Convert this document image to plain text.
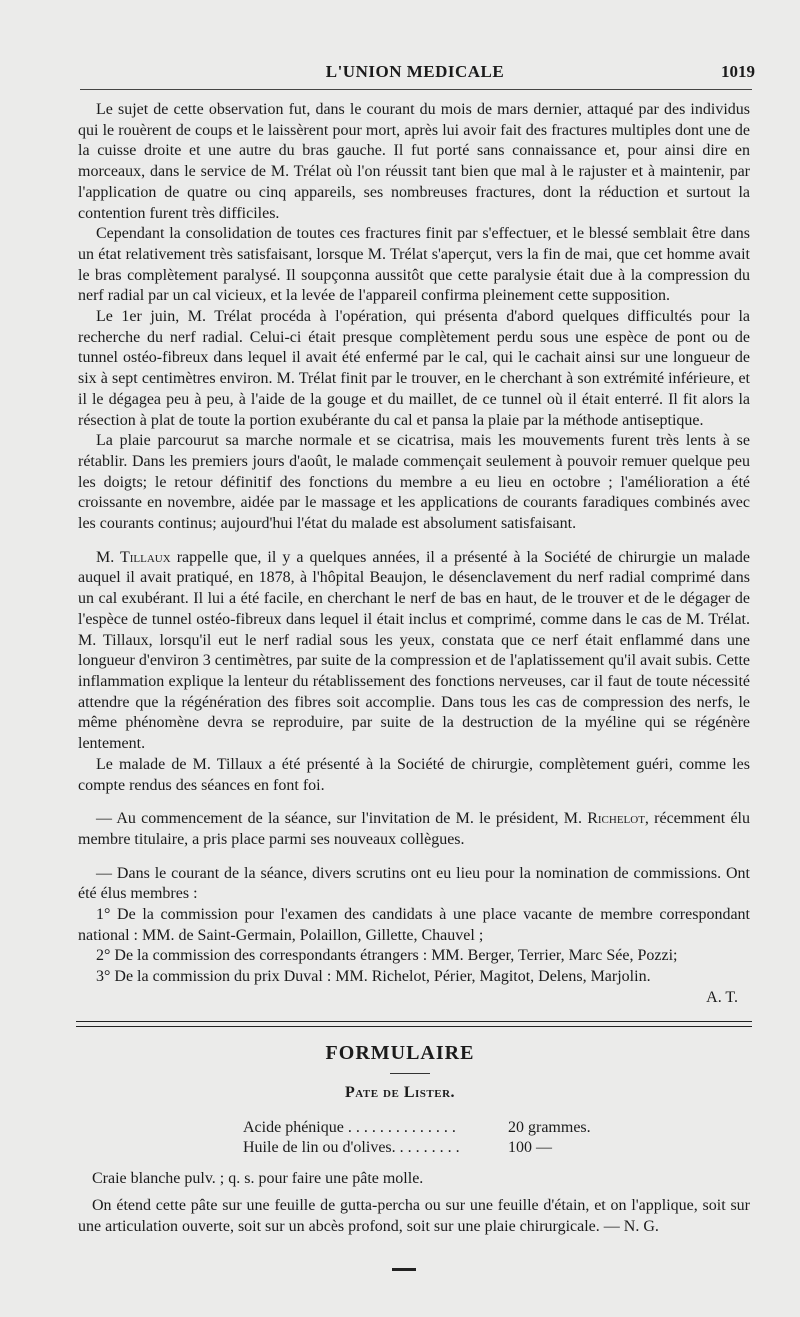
L'UNION MEDICALE	1019

Le sujet de cette observation fut, dans le courant du mois de mars dernier, attaqué par des individus qui le rouèrent de coups et le laissèrent pour mort, après lui avoir fait des fractures multiples dont une de la cuisse droite et une autre du bras gauche. Il fut porté sans connaissance et, pour ainsi dire en morceaux, dans le service de M. Trélat où l'on réussit tant bien que mal à le rajuster et à maintenir, par l'application de quatre ou cinq appareils, ses nombreuses fractures, dont la réduction et surtout la contention furent très difficiles.

Cependant la consolidation de toutes ces fractures finit par s'effectuer, et le blessé semblait être dans un état relativement très satisfaisant, lorsque M. Trélat s'aperçut, vers la fin de mai, que cet homme avait le bras complètement paralysé. Il soupçonna aussitôt que cette paralysie était due à la compression du nerf radial par un cal vicieux, et la levée de l'appareil confirma pleinement cette supposition.

Le 1er juin, M. Trélat procéda à l'opération, qui présenta d'abord quelques difficultés pour la recherche du nerf radial. Celui-ci était presque complètement perdu sous une espèce de pont ou de tunnel ostéo-fibreux dans lequel il avait été enfermé par le cal, qui le cachait ainsi sur une longueur de six à sept centimètres environ. M. Trélat finit par le trouver, en le cherchant à son extrémité inférieure, et il le dégagea peu à peu, à l'aide de la gouge et du maillet, de ce tunnel où il était enterré. Il fit alors la résection à plat de toute la portion exubérante du cal et pansa la plaie par la méthode antiseptique.

La plaie parcourut sa marche normale et se cicatrisa, mais les mouvements furent très lents à se rétablir. Dans les premiers jours d'août, le malade commençait seulement à pouvoir remuer quelque peu les doigts; le retour définitif des fonctions du membre a eu lieu en octobre ; l'amélioration a été croissante en novembre, aidée par le massage et les applications de courants faradiques combinés avec les courants continus; aujourd'hui l'état du malade est absolument satisfaisant.

M. Tillaux rappelle que, il y a quelques années, il a présenté à la Société de chirurgie un malade auquel il avait pratiqué, en 1878, à l'hôpital Beaujon, le désenclavement du nerf radial comprimé dans un cal exubérant. Il lui a été facile, en cherchant le nerf de bas en haut, de le trouver et de le dégager de l'espèce de tunnel ostéo-fibreux dans lequel il était inclus et comprimé, comme dans le cas de M. Trélat. M. Tillaux, lorsqu'il eut le nerf radial sous les yeux, constata que ce nerf était enflammé dans une longueur d'environ 3 centimètres, par suite de la compression et de l'aplatissement qu'il avait subis. Cette inflammation explique la lenteur du rétablissement des fonctions nerveuses, car il faut de toute nécessité attendre que la régénération des fibres soit accomplie. Dans tous les cas de compression des nerfs, le même phénomène devra se reproduire, par suite de la destruction de la myéline qui se régénère lentement.

Le malade de M. Tillaux a été présenté à la Société de chirurgie, complètement guéri, comme les compte rendus des séances en font foi.

— Au commencement de la séance, sur l'invitation de M. le président, M. Richelot, récemment élu membre titulaire, a pris place parmi ses nouveaux collègues.

— Dans le courant de la séance, divers scrutins ont eu lieu pour la nomination de commissions. Ont été élus membres :

1° De la commission pour l'examen des candidats à une place vacante de membre correspondant national : MM. de Saint-Germain, Polaillon, Gillette, Chauvel ;

2° De la commission des correspondants étrangers : MM. Berger, Terrier, Marc Sée, Pozzi;

3° De la commission du prix Duval : MM. Richelot, Périer, Magitot, Delens, Marjolin.

A. T.

FORMULAIRE
Pate de Lister.
Acide phénique . . . . . . . . . . . . . .	20 grammes.
Huile de lin ou d'olives. . . . . . . . .	100 —

Craie blanche pulv. ; q. s. pour faire une pâte molle.

On étend cette pâte sur une feuille de gutta-percha ou sur une feuille d'étain, et on l'applique, soit sur une articulation ouverte, soit sur un abcès profond, soit sur une plaie chirurgicale. — N. G.
